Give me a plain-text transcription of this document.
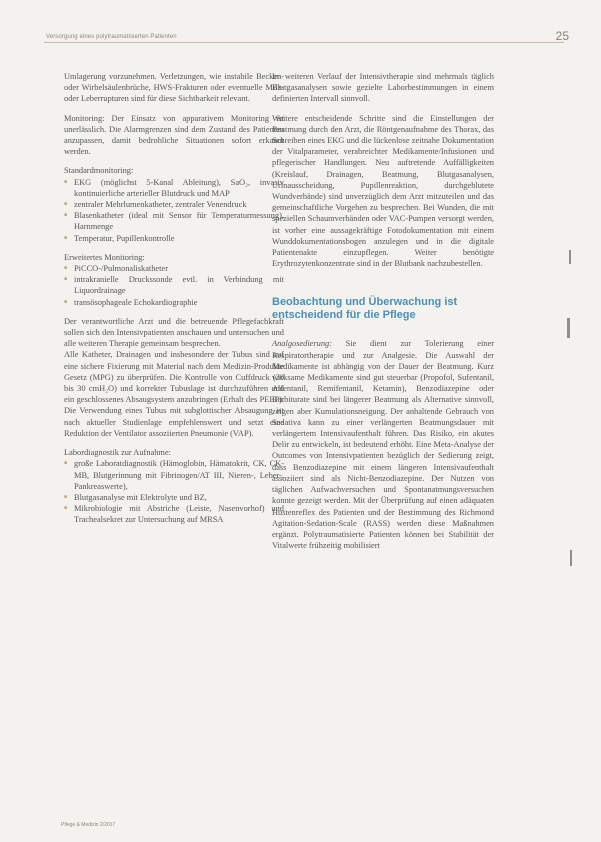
Versorgung eines polytraumatisierten Patienten	25

Umlagerung vorzunehmen. Verletzungen, wie instabile Becken- oder Wirbelsäulenbrüche, HWS-Frakturen oder eventuelle Milz- oder Leberrupturen sind für diese Sichtbarkeit relevant.

Monitoring: Der Einsatz von apparativem Monitoring ist unerlässlich. Die Alarmgrenzen sind dem Zustand des Patienten anzupassen, damit bedrohliche Situationen sofort erkannt werden.

Standardmonitoring:

■ EKG (möglichst 5-Kanal Ableitung), SaO₂, invasiv kontinuierliche arterieller Blutdruck und MAP
■ zentraler Mehrlumenkatheter, zentraler Venendruck
■ Blasenkatheter (ideal mit Sensor für Temperaturmessung), Harnmenge
■ Temperatur, Pupillenkontrolle

Erweitertes Monitoring:

■ PiCCO-/Pulmonaliskatheter
■ intrakranielle Druckssonde evtl. in Verbindung mit Liquordrainage
■ transösophageale Echokardiographie

Der verantwortliche Arzt und die betreuende Pflegefachkraft sollen sich den Intensivpatienten anschauen und untersuchen und alle weiteren Therapie gemeinsam besprechen.

Alle Katheter, Drainagen und insbesondere der Tubus sind auf eine sichere Fixierung mit Material nach dem Medizin-Produkte Gesetz (MPG) zu überprüfen. Die Kontrolle von Cuffdruck (20 bis 30 cmH₂O) und korrekter Tubuslage ist durchzuführen und ein geschlossenes Absaugsystem anzubringen (Erhalt des PEEP). Die Verwendung eines Tubus mit subglottischer Absaugung ist nach aktueller Studienlage empfehlenswert und setzt eine Reduktion der Ventilator assoziierten Pneumonie (VAP).

Labordiagnostik zur Aufnahme:

■ große Laboratdiagnostik (Hämoglobin, Hämatokrit, CK, CK-MB, Blutgerinnung mit Fibrinogen/AT III, Nieren-, Leber-, Pankreaswerte),
■ Blutgasanalyse mit Elektrolyte und BZ,
■ Mikrobiologie mit Abstriche (Leiste, Nasenvorhof) und Trachealsekret zur Untersuchung auf MRSA

Im weiteren Verlauf der Intensivtherapie sind mehrmals täglich Blutgasanalysen sowie gezielte Laborbestimmungen in einem definierten Intervall sinnvoll.

Weitere entscheidende Schritte sind die Einstellungen der Beatmung durch den Arzt, die Röntgenaufnahme des Thorax, das Schreiben eines EKG und die lückenlose zeitnahe Dokumentation der Vitalparameter, verabreichter Medikamente/Infusionen und pflegerischer Handlungen. Neu auftretende Auffälligkeiten (Kreislauf, Drainagen, Beatmung, Blutgasanalysen, Urinausscheidung, Pupillenreaktion, durchgeblutete Wundverbände) sind unverzüglich dem Arzt mitzuteilen und das gemeinschaftliche Vorgehen zu besprechen. Bei Wunden, die mit speziellen Schaumverbänden oder VAC-Pumpen versorgt werden, ist vorher eine aussagekräftige Fotodokumentation mit einem Wunddokumentationsbogen anzulegen und in die digitale Patientenakte einzupflegen. Weiter benötigte Erythrozytenkonzentrate sind in der Blutbank nachzubestellen.

Beobachtung und Überwachung ist entscheidend für die Pflege

Analgosedierung: Sie dient zur Tolerierung einer Respiratortherapie und zur Analgesie. Die Auswahl der Medikamente ist abhängig von der Dauer der Beatmung. Kurz wirksame Medikamente sind gut steuerbar (Propofol, Sufentanil, Alfentanil, Remifentanil, Ketamin), Benzodiazepine oder Barbiturate sind bei längerer Beatmung als Alternative sinnvoll, zeigen aber Kumulationsneigung. Der anhaltende Gebrauch von Sedativa kann zu einer verlängerten Beatmungsdauer mit verlängertem Intensivaufenthalt führen. Das Risiko, ein akutes Delir zu entwickeln, ist bedeutend erhöht. Eine Meta-Analyse der Outcomes von Intensivpatienten bezüglich der Sedierung zeigt, dass Benzodiazepine mit einem längeren Intensivaufenthalt assoziiert sind als Nicht-Benzodiazepine. Der Nutzen von täglichen Aufwachversuchen und Spontanatmungsversuchen konnte gezeigt werden. Mit der Überprüfung auf einen adäquaten Hustenreflex des Patienten und der Bestimmung des Richmond Agitation-Sedation-Scale (RASS) werden diese Maßnahmen ergänzt. Polytraumatisierte Patienten können bei Stabilität der Vitalwerte frühzeitig mobilisiert

Pflege & Medizin 2/2017
